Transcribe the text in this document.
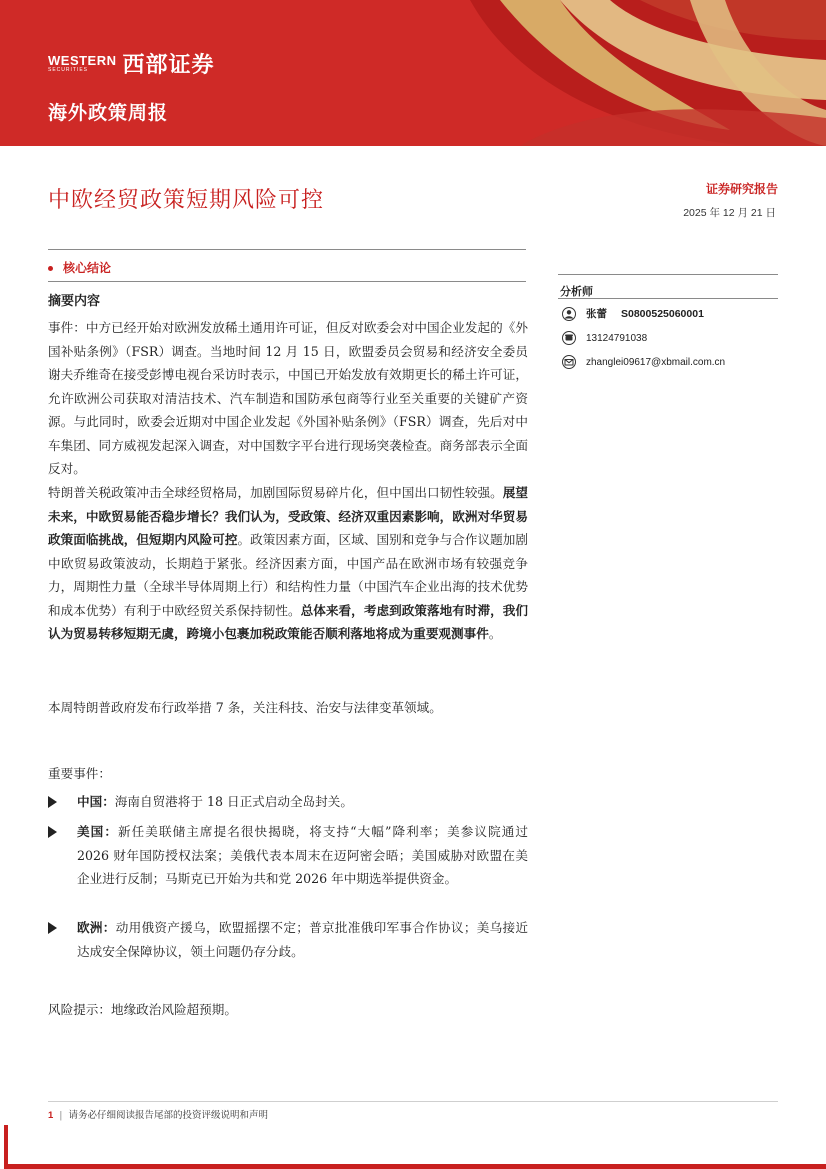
WESTERN
SECURITIES 西部证券
海外政策周报
中欧经贸政策短期风险可控	证券研究报告
2025 年 12 月 21 日
核心结论
摘要内容
事件：中方已经开始对欧洲发放稀土通用许可证，但反对欧委会对中国企业发起的《外国补贴条例》（FSR）调查。当地时间 12 月 15 日，欧盟委员会贸易和经济安全委员谢夫乔维奇在接受彭博电视台采访时表示，中国已开始发放有效期更长的稀土许可证，允许欧洲公司获取对清洁技术、汽车制造和国防承包商等行业至关重要的关键矿产资源。与此同时，欧委会近期对中国企业发起《外国补贴条例》（FSR）调查，先后对中车集团、同方威视发起深入调查，对中国数字平台进行现场突袭检查。商务部表示全面反对。
特朗普关税政策冲击全球经贸格局，加剧国际贸易碎片化，但中国出口韧性较强。展望未来，中欧贸易能否稳步增长？我们认为，受政策、经济双重因素影响，欧洲对华贸易政策面临挑战，但短期内风险可控。政策因素方面，区域、国别和竞争与合作议题加剧中欧贸易政策波动，长期趋于紧张。经济因素方面，中国产品在欧洲市场有较强竞争力，周期性力量（全球半导体周期上行）和结构性力量（中国汽车企业出海的技术优势和成本优势）有利于中欧经贸关系保持韧性。总体来看，考虑到政策落地有时滞，我们认为贸易转移短期无虞，跨境小包裹加税政策能否顺利落地将成为重要观测事件。
本周特朗普政府发布行政举措 7 条，关注科技、治安与法律变革领域。
重要事件：
中国：海南自贸港将于 18 日正式启动全岛封关。
美国：新任美联储主席提名很快揭晓，将支持“大幅”降利率；美参议院通过 2026 财年国防授权法案；美俄代表本周末在迈阿密会晤；美国威胁对欧盟在美企业进行反制；马斯克已开始为共和党 2026 年中期选举提供资金。
欧洲：动用俄资产援乌，欧盟摇摆不定；普京批准俄印军事合作协议；美乌接近达成安全保障协议，领土问题仍存分歧。
风险提示：地缘政治风险超预期。
分析师
张蕾 S0800525060001
13124791038
zhanglei09617@xbmail.com.cn
1 | 请务必仔细阅读报告尾部的投资评级说明和声明
